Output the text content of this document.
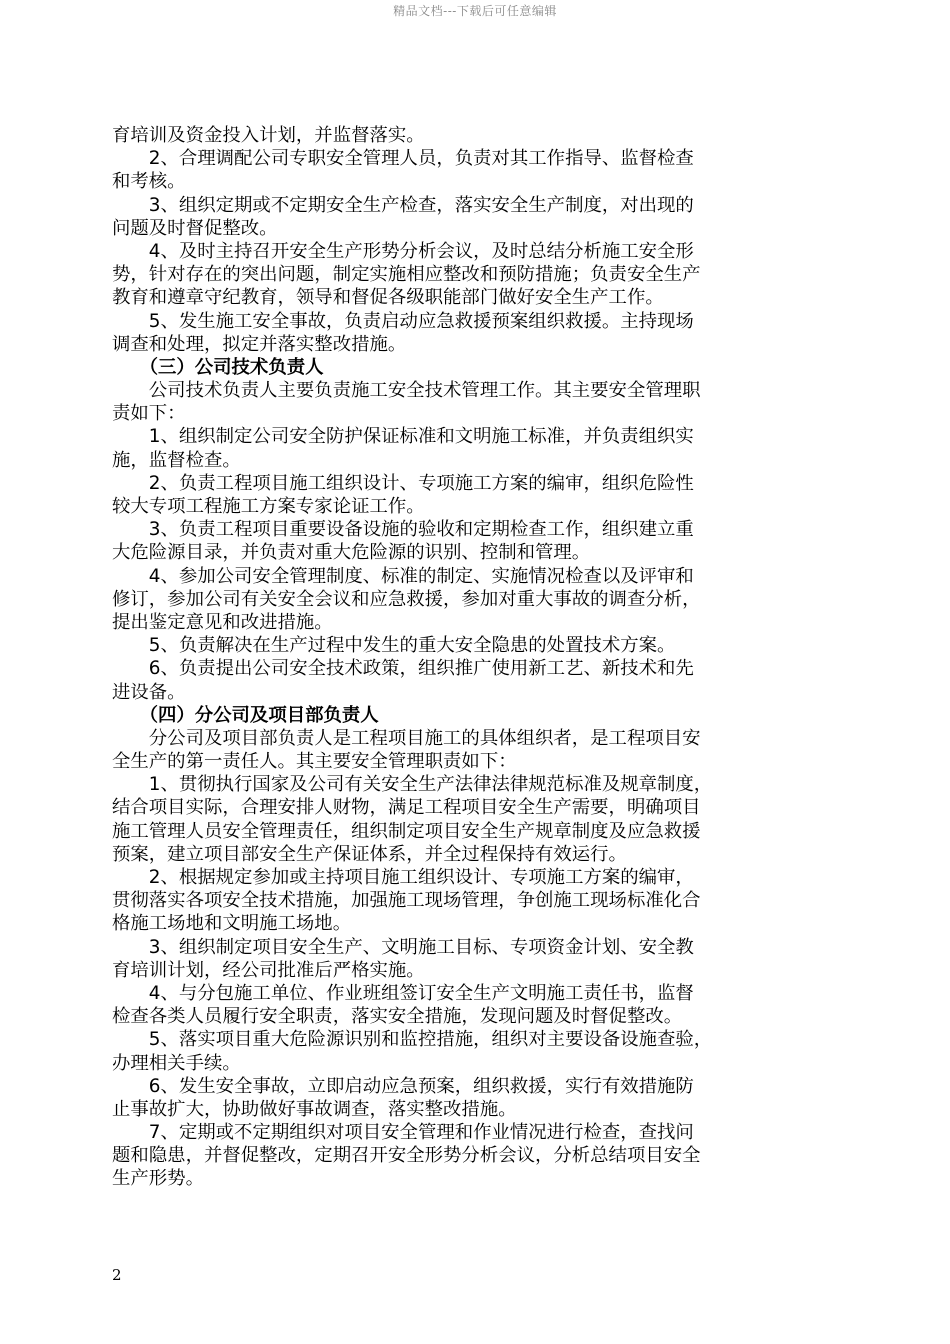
精品文档---下载后可任意编辑
育培训及资金投入计划，并监督落实。
　　2、合理调配公司专职安全管理人员，负责对其工作指导、监督检查
和考核。
　　3、组织定期或不定期安全生产检查，落实安全生产制度，对出现的
问题及时督促整改。
　　4、及时主持召开安全生产形势分析会议，及时总结分析施工安全形
势，针对存在的突出问题，制定实施相应整改和预防措施；负责安全生产
教育和遵章守纪教育，领导和督促各级职能部门做好安全生产工作。
　　5、发生施工安全事故，负责启动应急救援预案组织救援。主持现场
调查和处理，拟定并落实整改措施。
　　（三）公司技术负责人
　　公司技术负责人主要负责施工安全技术管理工作。其主要安全管理职
责如下：
　　1、组织制定公司安全防护保证标准和文明施工标准，并负责组织实
施，监督检查。
　　2、负责工程项目施工组织设计、专项施工方案的编审，组织危险性
较大专项工程施工方案专家论证工作。
　　3、负责工程项目重要设备设施的验收和定期检查工作，组织建立重
大危险源目录，并负责对重大危险源的识别、控制和管理。
　　4、参加公司安全管理制度、标准的制定、实施情况检查以及评审和
修订，参加公司有关安全会议和应急救援，参加对重大事故的调查分析，
提出鉴定意见和改进措施。
　　5、负责解决在生产过程中发生的重大安全隐患的处置技术方案。
　　6、负责提出公司安全技术政策，组织推广使用新工艺、新技术和先
进设备。
　　（四）分公司及项目部负责人
　　分公司及项目部负责人是工程项目施工的具体组织者，是工程项目安
全生产的第一责任人。其主要安全管理职责如下：
　　1、贯彻执行国家及公司有关安全生产法律法律规范标准及规章制度，
结合项目实际，合理安排人财物，满足工程项目安全生产需要，明确项目
施工管理人员安全管理责任，组织制定项目安全生产规章制度及应急救援
预案，建立项目部安全生产保证体系，并全过程保持有效运行。
　　2、根据规定参加或主持项目施工组织设计、专项施工方案的编审，
贯彻落实各项安全技术措施，加强施工现场管理，争创施工现场标准化合
格施工场地和文明施工场地。
　　3、组织制定项目安全生产、文明施工目标、专项资金计划、安全教
育培训计划，经公司批准后严格实施。
　　4、与分包施工单位、作业班组签订安全生产文明施工责任书，监督
检查各类人员履行安全职责，落实安全措施，发现问题及时督促整改。
　　5、落实项目重大危险源识别和监控措施，组织对主要设备设施查验，
办理相关手续。
　　6、发生安全事故，立即启动应急预案，组织救援，实行有效措施防
止事故扩大，协助做好事故调查，落实整改措施。
　　7、定期或不定期组织对项目安全管理和作业情况进行检查，查找问
题和隐患，并督促整改，定期召开安全形势分析会议，分析总结项目安全
生产形势。
2
